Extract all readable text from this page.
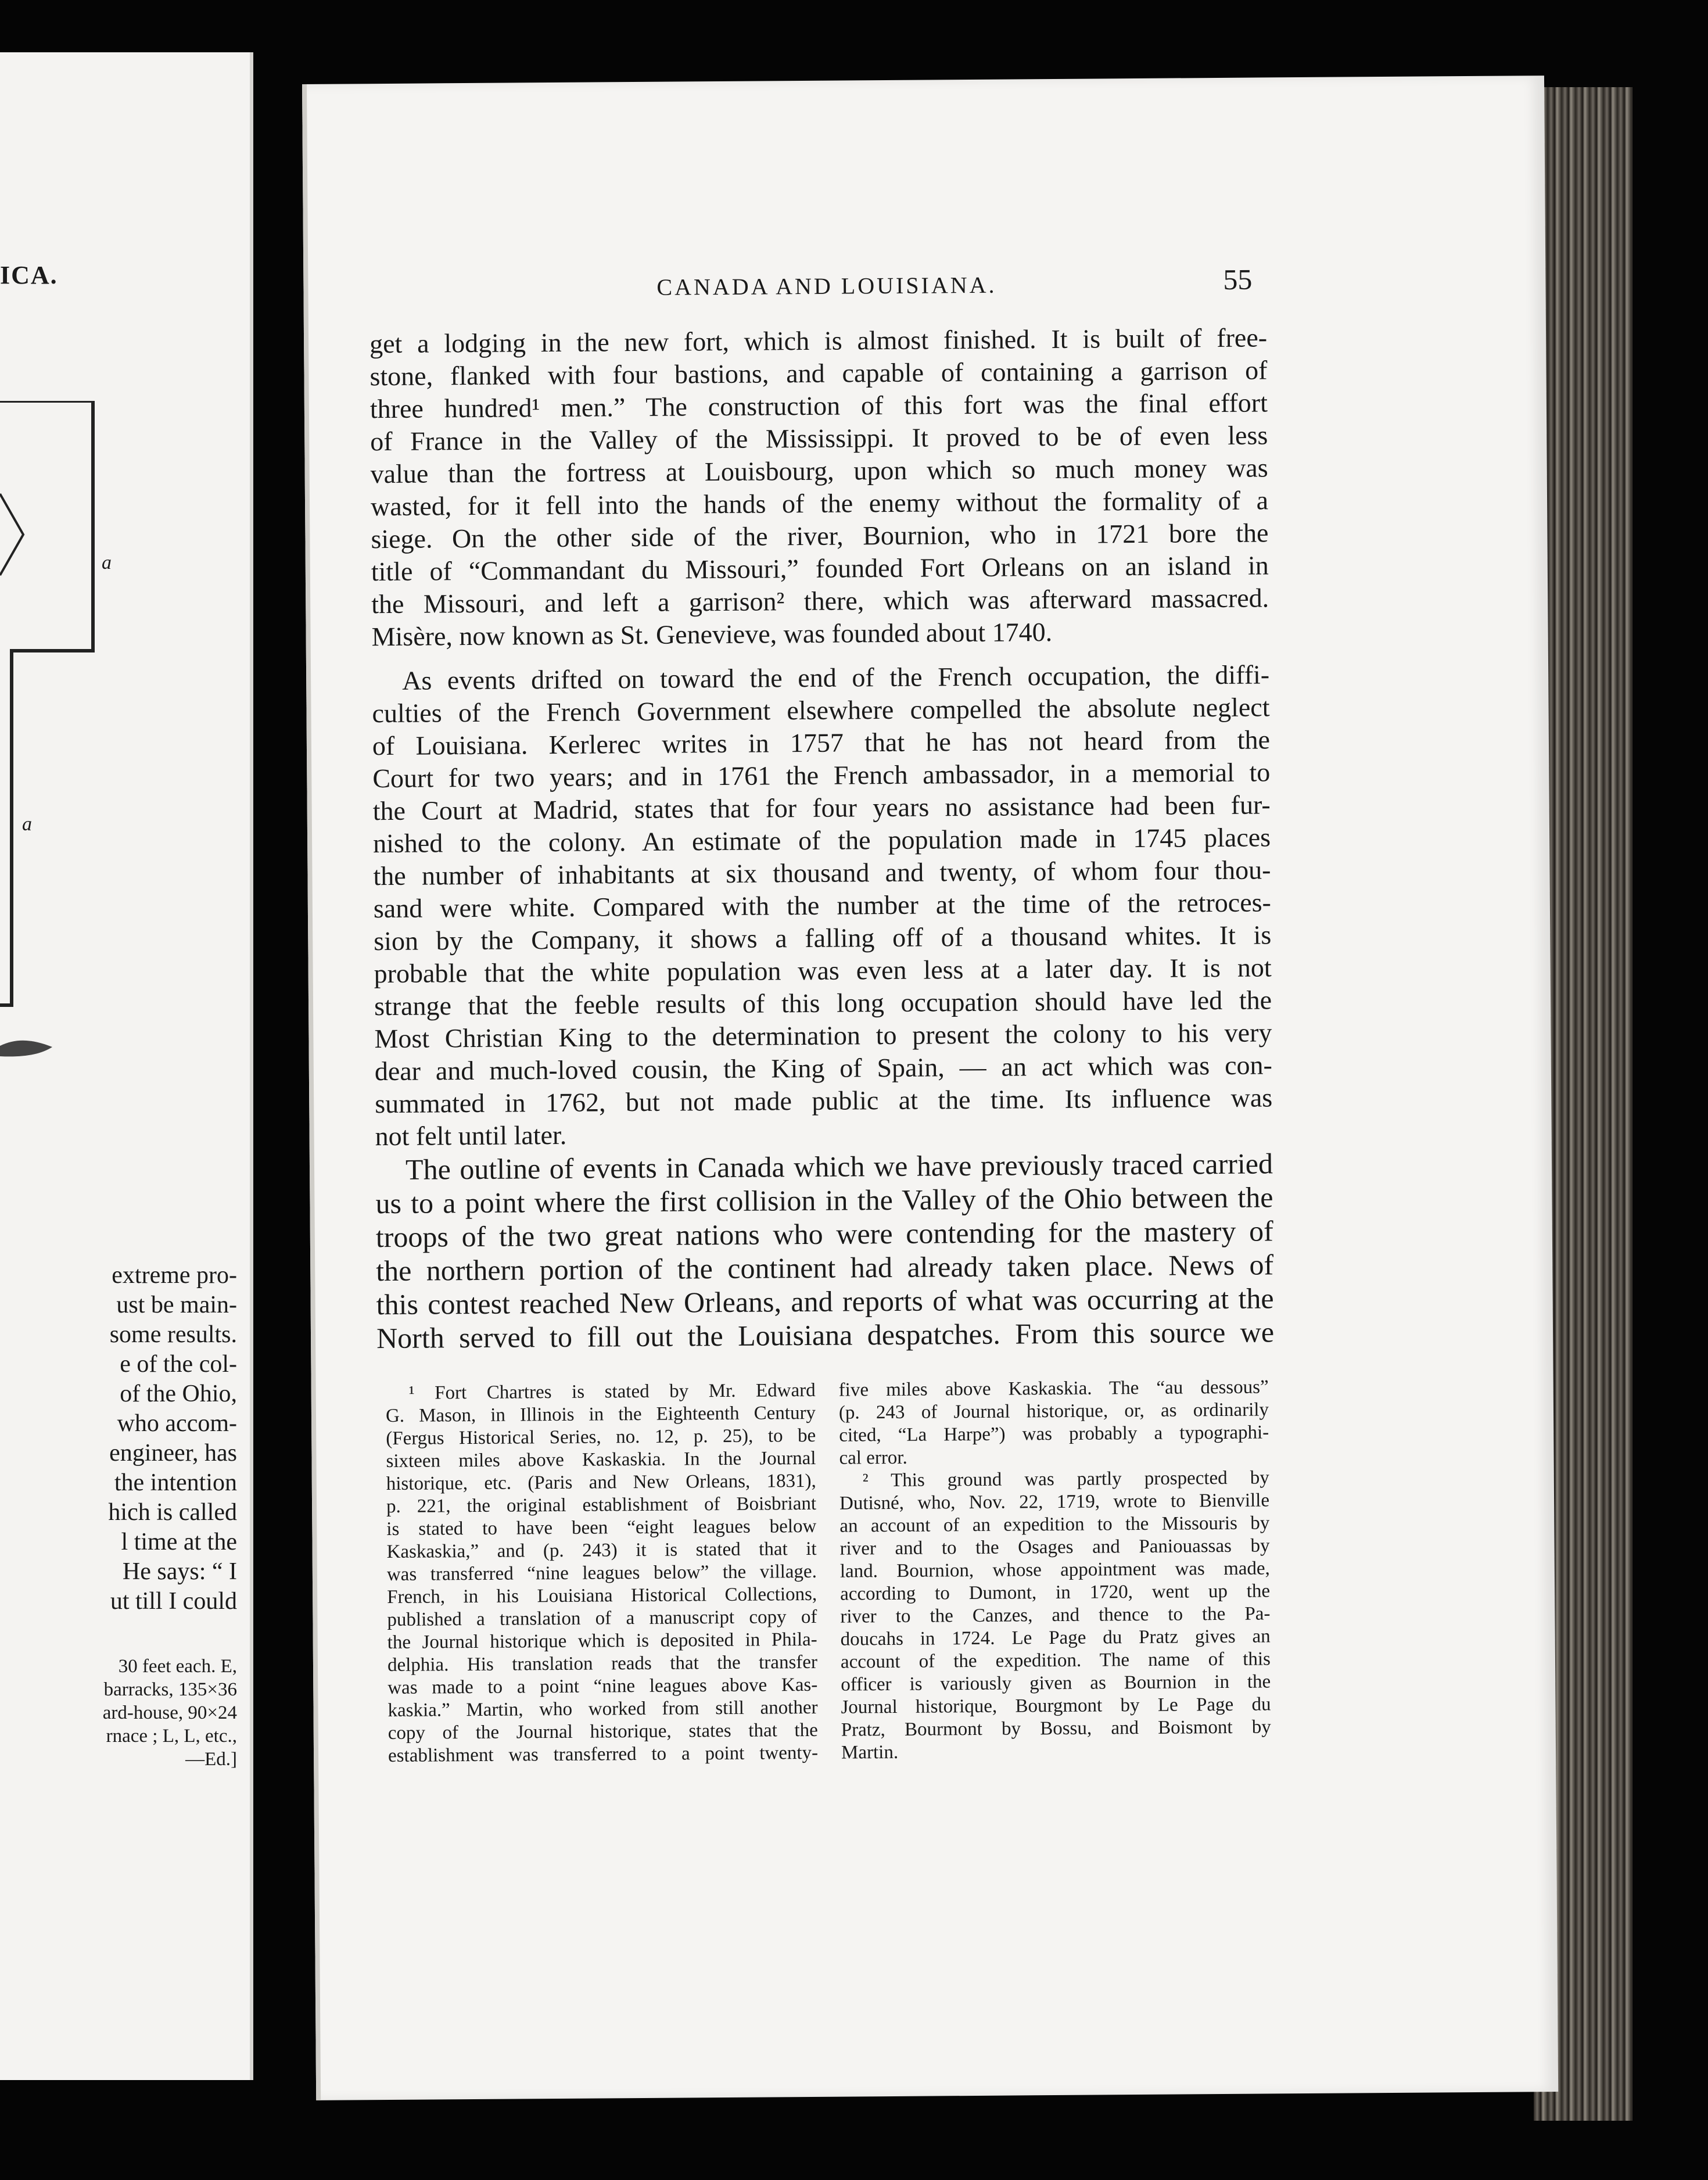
ICA.
a
a
extreme pro-
ust be main-
some results.
e of the col-
of the Ohio,
who accom-
engineer, has
the intention
hich is called
l time at the
He says: “ I
ut till I could
30 feet each. E,
barracks, 135×36
ard-house, 90×24
rnace ; L, L, etc.,
—Ed.]
CANADA AND LOUISIANA.	55
get a lodging in the new fort, which is almost finished. It is built of free-
stone, flanked with four bastions, and capable of containing a garrison of
three hundred¹ men.” The construction of this fort was the final effort
of France in the Valley of the Mississippi. It proved to be of even less
value than the fortress at Louisbourg, upon which so much money was
wasted, for it fell into the hands of the enemy without the formality of a
siege. On the other side of the river, Bournion, who in 1721 bore the
title of “Commandant du Missouri,” founded Fort Orleans on an island in
the Missouri, and left a garrison² there, which was afterward massacred.
Misère, now known as St. Genevieve, was founded about 1740.
As events drifted on toward the end of the French occupation, the diffi-
culties of the French Government elsewhere compelled the absolute neglect
of Louisiana. Kerlerec writes in 1757 that he has not heard from the
Court for two years; and in 1761 the French ambassador, in a memorial to
the Court at Madrid, states that for four years no assistance had been fur-
nished to the colony. An estimate of the population made in 1745 places
the number of inhabitants at six thousand and twenty, of whom four thou-
sand were white. Compared with the number at the time of the retroces-
sion by the Company, it shows a falling off of a thousand whites. It is
probable that the white population was even less at a later day. It is not
strange that the feeble results of this long occupation should have led the
Most Christian King to the determination to present the colony to his very
dear and much-loved cousin, the King of Spain, — an act which was con-
summated in 1762, but not made public at the time. Its influence was
not felt until later.
The outline of events in Canada which we have previously traced carried
us to a point where the first collision in the Valley of the Ohio between the
troops of the two great nations who were contending for the mastery of
the northern portion of the continent had already taken place. News of
this contest reached New Orleans, and reports of what was occurring at the
North served to fill out the Louisiana despatches. From this source we
¹ Fort Chartres is stated by Mr. Edward
G. Mason, in Illinois in the Eighteenth Century
(Fergus Historical Series, no. 12, p. 25), to be
sixteen miles above Kaskaskia. In the Journal
historique, etc. (Paris and New Orleans, 1831),
p. 221, the original establishment of Boisbriant
is stated to have been “eight leagues below
Kaskaskia,” and (p. 243) it is stated that it
was transferred “nine leagues below” the village.
French, in his Louisiana Historical Collections,
published a translation of a manuscript copy of
the Journal historique which is deposited in Phila-
delphia. His translation reads that the transfer
was made to a point “nine leagues above Kas-
kaskia.” Martin, who worked from still another
copy of the Journal historique, states that the
establishment was transferred to a point twenty-
five miles above Kaskaskia. The “au dessous”
(p. 243 of Journal historique, or, as ordinarily
cited, “La Harpe”) was probably a typographi-
cal error.
² This ground was partly prospected by
Dutisné, who, Nov. 22, 1719, wrote to Bienville
an account of an expedition to the Missouris by
river and to the Osages and Paniouassas by
land. Bournion, whose appointment was made,
according to Dumont, in 1720, went up the
river to the Canzes, and thence to the Pa-
doucahs in 1724. Le Page du Pratz gives an
account of the expedition. The name of this
officer is variously given as Bournion in the
Journal historique, Bourgmont by Le Page du
Pratz, Bourmont by Bossu, and Boismont by
Martin.
